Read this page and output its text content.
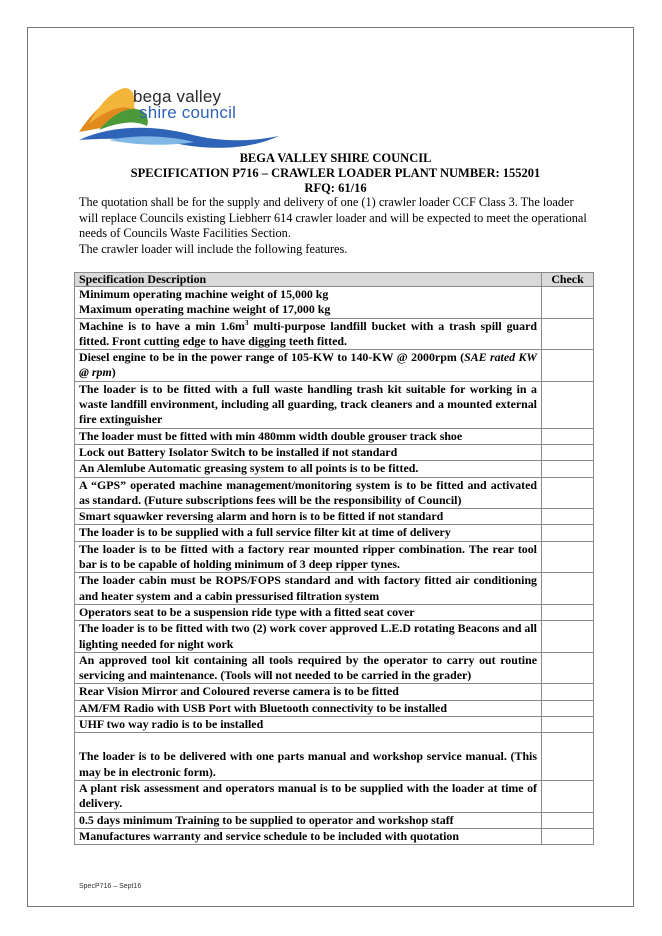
bega valley
shire council
BEGA VALLEY SHIRE COUNCIL
SPECIFICATION P716 – CRAWLER LOADER PLANT NUMBER: 155201
RFQ: 61/16

The quotation shall be for the supply and delivery of one (1) crawler loader CCF Class 3. The loader will replace Councils existing Liebherr 614 crawler loader and will be expected to meet the operational needs of Councils Waste Facilities Section.

The crawler loader will include the following features.

Specification Description	Check

Minimum operating machine weight of 15,000 kg
Maximum operating machine weight of 17,000 kg	

Machine is to have a $\min 1.6m^3$ multi-purpose landfill bucket with a trash spill guard fitted. Front cutting edge to have digging teeth fitted.	
Diesel engine to be in the power range of 105-KW to 140-KW @ 2000rpm (SAE rated KW @ rpm)	
The loader is to be fitted with a full waste handling trash kit suitable for working in a waste landfill environment, including all guarding, track cleaners and a mounted external fire extinguisher	
The loader must be fitted with min 480mm width double grouser track shoe	
Lock out Battery Isolator Switch to be installed if not standard	
An Alemlube Automatic greasing system to all points is to be fitted.	
A “GPS” operated machine management/monitoring system is to be fitted and activated as standard. (Future subscriptions fees will be the responsibility of Council)	
Smart squawker reversing alarm and horn is to be fitted if not standard	
The loader is to be supplied with a full service filter kit at time of delivery	
The loader is to be fitted with a factory rear mounted ripper combination. The rear tool bar is to be capable of holding minimum of 3 deep ripper tynes.	
The loader cabin must be ROPS/FOPS standard and with factory fitted air conditioning and heater system and a cabin pressurised filtration system	
Operators seat to be a suspension ride type with a fitted seat cover	
The loader is to be fitted with two (2) work cover approved L.E.D rotating Beacons and all lighting needed for night work	
An approved tool kit containing all tools required by the operator to carry out routine servicing and maintenance. (Tools will not needed to be carried in the grader)	
Rear Vision Mirror and Coloured reverse camera is to be fitted	
AM/FM Radio with USB Port with Bluetooth connectivity to be installed	
UHF two way radio is to be installed	
The loader is to be delivered with one parts manual and workshop service manual. (This may be in electronic form).	
A plant risk assessment and operators manual is to be supplied with the loader at time of delivery.	
0.5 days minimum Training to be supplied to operator and workshop staff	
Manufactures warranty and service schedule to be included with quotation	
SpecP716 – Sept16
